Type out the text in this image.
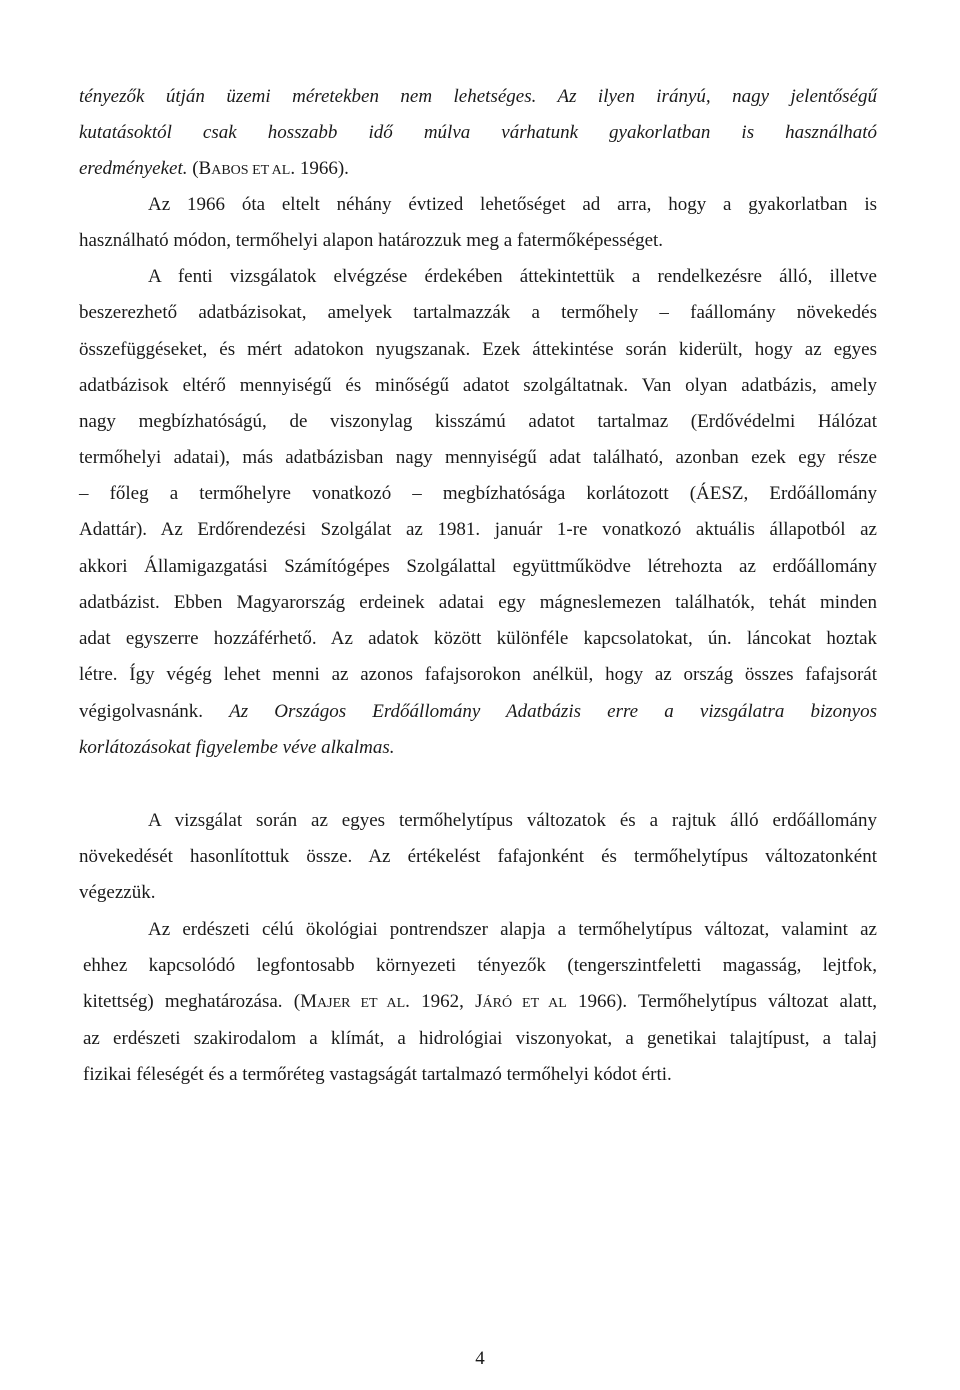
tényezők útján üzemi méretekben nem lehetséges. Az ilyen irányú, nagy jelentőségű
kutatásoktól csak hosszabb idő múlva várhatunk gyakorlatban is használható
eredményeket. (BABOS ET AL. 1966).
Az 1966 óta eltelt néhány évtized lehetőséget ad arra, hogy a gyakorlatban is
használható módon, termőhelyi alapon határozzuk meg a fatermőképességet.
A fenti vizsgálatok elvégzése érdekében áttekintettük a rendelkezésre álló, illetve
beszerezhető adatbázisokat, amelyek tartalmazzák a termőhely – faállomány növekedés
összefüggéseket, és mért adatokon nyugszanak. Ezek áttekintése során kiderült, hogy az egyes
adatbázisok eltérő mennyiségű és minőségű adatot szolgáltatnak. Van olyan adatbázis, amely
nagy megbízhatóságú, de viszonylag kisszámú adatot tartalmaz (Erdővédelmi Hálózat
termőhelyi adatai), más adatbázisban nagy mennyiségű adat található, azonban ezek egy része
– főleg a termőhelyre vonatkozó – megbízhatósága korlátozott (ÁESZ, Erdőállomány
Adattár). Az Erdőrendezési Szolgálat az 1981. január 1-re vonatkozó aktuális állapotból az
akkori Államigazgatási Számítógépes Szolgálattal együttműködve létrehozta az erdőállomány
adatbázist. Ebben Magyarország erdeinek adatai egy mágneslemezen találhatók, tehát minden
adat egyszerre hozzáférhető. Az adatok között különféle kapcsolatokat, ún. láncokat hoztak
létre. Így végég lehet menni az azonos fafajsorokon anélkül, hogy az ország összes fafajsorát
végigolvasnánk. Az Országos Erdőállomány Adatbázis erre a vizsgálatra bizonyos
korlátozásokat figyelembe véve alkalmas.
A vizsgálat során az egyes termőhelytípus változatok és a rajtuk álló erdőállomány
növekedését hasonlítottuk össze. Az értékelést fafajonként és termőhelytípus változatonként
végezzük.
Az erdészeti célú ökológiai pontrendszer alapja a termőhelytípus változat, valamint az
ehhez kapcsolódó legfontosabb környezeti tényezők (tengerszintfeletti magasság, lejtfok,
kitettség) meghatározása. (MAJER ET AL. 1962, JÁRÓ ET AL 1966). Termőhelytípus változat alatt,
az erdészeti szakirodalom a klímát, a hidrológiai viszonyokat, a genetikai talajtípust, a talaj
fizikai féleségét és a termőréteg vastagságát tartalmazó termőhelyi kódot érti.
4
